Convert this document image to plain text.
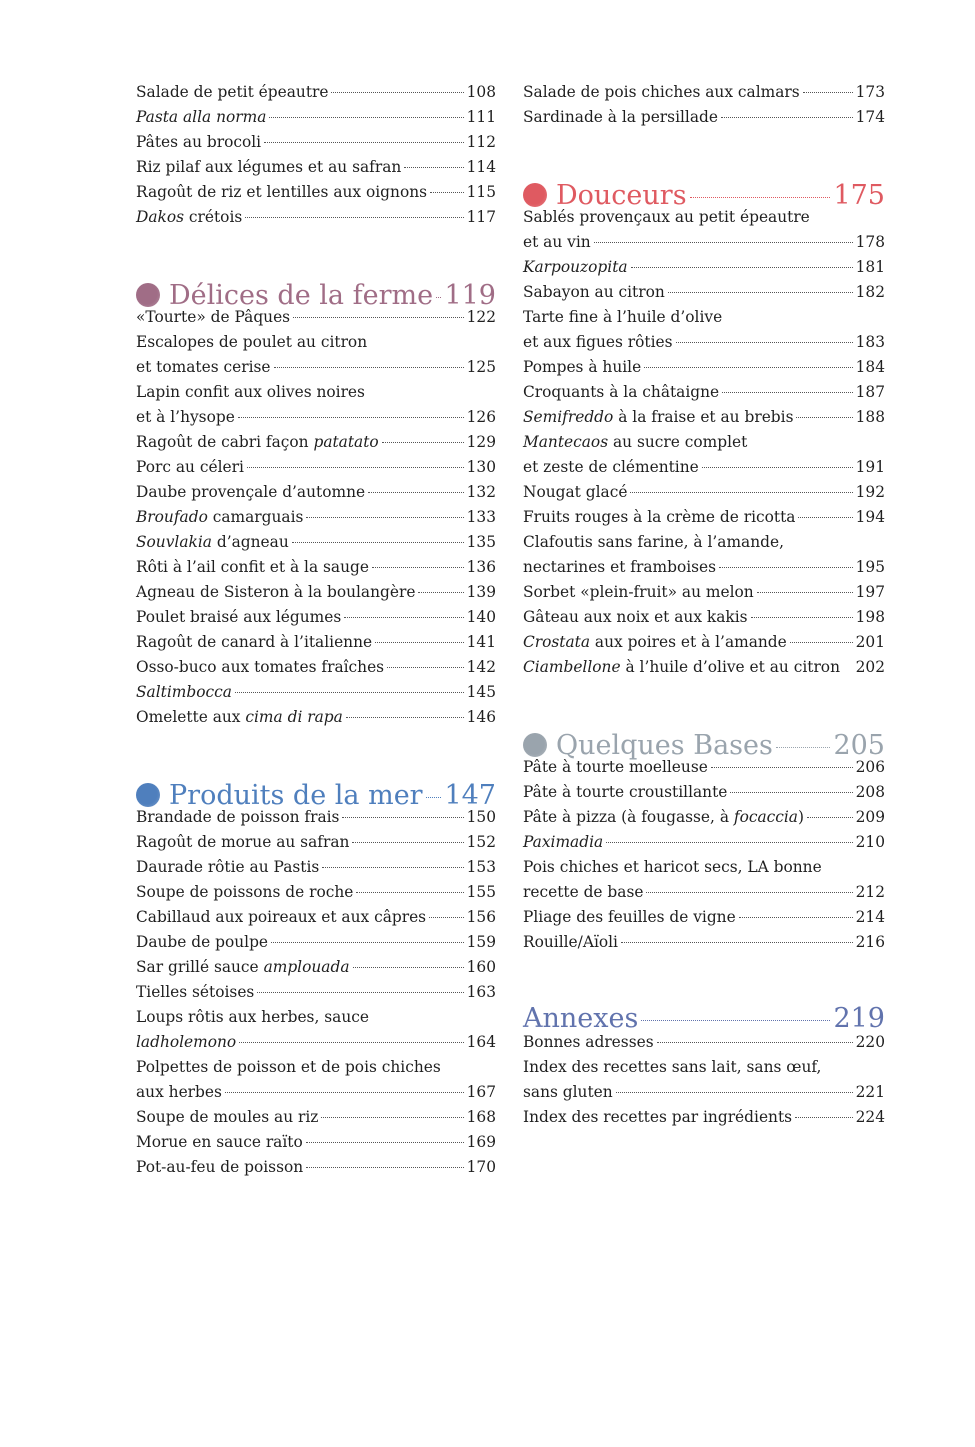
Salade de petit épeautre	108
Pasta alla norma	111
Pâtes au brocoli	112
Riz pilaf aux légumes et au safran	114
Ragoût de riz et lentilles aux oignons	115
Dakos crétois	117
Délices de la ferme 119
«Tourte» de Pâques	122
Escalopes de poulet au citron
et tomates cerise	125
Lapin confit aux olives noires
et à l’hysope	126
Ragoût de cabri façon patatato	129
Porc au céleri	130
Daube provençale d’automne	132
Broufado camarguais	133
Souvlakia d’agneau	135
Rôti à l’ail confit et à la sauge	136
Agneau de Sisteron à la boulangère	139
Poulet braisé aux légumes	140
Ragoût de canard à l’italienne	141
Osso-buco aux tomates fraîches	142
Saltimbocca	145
Omelette aux cima di rapa	146
Produits de la mer 147
Brandade de poisson frais	150
Ragoût de morue au safran	152
Daurade rôtie au Pastis	153
Soupe de poissons de roche	155
Cabillaud aux poireaux et aux câpres	156
Daube de poulpe	159
Sar grillé sauce amplouada	160
Tielles sétoises	163
Loups rôtis aux herbes, sauce
ladholemono	164
Polpettes de poisson et de pois chiches
aux herbes	167
Soupe de moules au riz	168
Morue en sauce raïto	169
Pot-au-feu de poisson	170
Salade de pois chiches aux calmars	173
Sardinade à la persillade	174
Douceurs	175
Sablés provençaux au petit épeautre
et au vin	178
Karpouzopita	181
Sabayon au citron	182
Tarte fine à l’huile d’olive
et aux figues rôties	183
Pompes à huile	184
Croquants à la châtaigne	187
Semifreddo à la fraise et au brebis	188
Mantecaos au sucre complet
et zeste de clémentine	191
Nougat glacé	192
Fruits rouges à la crème de ricotta	194
Clafoutis sans farine, à l’amande,
nectarines et framboises	195
Sorbet «plein-fruit» au melon	197
Gâteau aux noix et aux kakis	198
Crostata aux poires et à l’amande	201
Ciambellone à l’huile d’olive et au citron 202
Quelques Bases 205
Pâte à tourte moelleuse	206
Pâte à tourte croustillante	208
Pâte à pizza (à fougasse, à focaccia)	209
Paximadia	210
Pois chiches et haricot secs, LA bonne
recette de base	212
Pliage des feuilles de vigne	214
Rouille/Aïoli	216
Annexes	219
Bonnes adresses	220
Index des recettes sans lait, sans œuf,
sans gluten	221
Index des recettes par ingrédients	224
